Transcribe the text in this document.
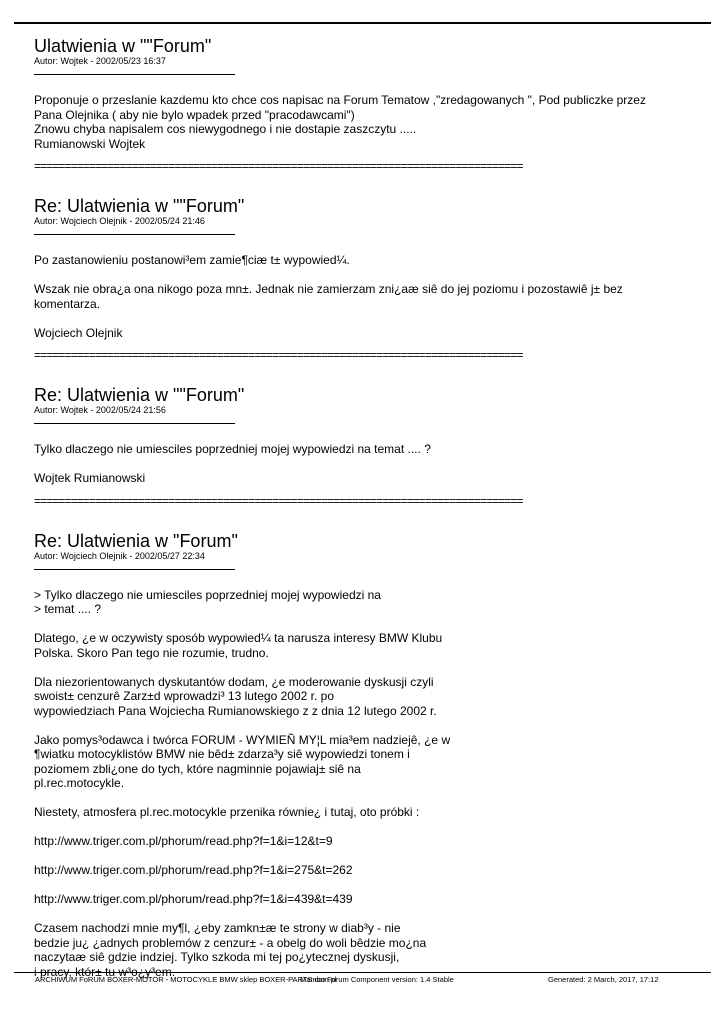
Ulatwienia w ""Forum"
Autor: Wojtek - 2002/05/23 16:37
Proponuje o przeslanie kazdemu kto chce cos napisac na Forum Tematow ,"zredagowanych ", Pod publiczke przez
Pana Olejnika ( aby nie bylo wpadek przed "pracodawcami")
Znowu chyba napisalem cos niewygodnego i nie dostapie zaszczytu .....
Rumianowski Wojtek
================================================================================
Re: Ulatwienia w ""Forum"
Autor: Wojciech Olejnik - 2002/05/24 21:46
Po zastanowieniu postanowi³em zamie¶ciæ t± wypowied¼.
Wszak nie obra¿a ona nikogo poza mn±. Jednak nie zamierzam zni¿aæ siê do jej poziomu i pozostawiê j± bez
komentarza.
Wojciech Olejnik
================================================================================
Re: Ulatwienia w ""Forum"
Autor: Wojtek - 2002/05/24 21:56
Tylko dlaczego nie umiesciles poprzedniej mojej wypowiedzi na temat .... ?
Wojtek Rumianowski
================================================================================
Re: Ulatwienia w "Forum"
Autor: Wojciech Olejnik - 2002/05/27 22:34
> Tylko dlaczego nie umiesciles poprzedniej mojej wypowiedzi na
> temat .... ?
Dlatego, ¿e w oczywisty sposób wypowied¼ ta narusza interesy BMW Klubu
Polska. Skoro Pan tego nie rozumie, trudno.
Dla niezorientowanych dyskutantów dodam, ¿e moderowanie dyskusji czyli
swoist± cenzurê Zarz±d wprowadzi³ 13 lutego 2002 r. po
wypowiedziach Pana Wojciecha Rumianowskiego z z dnia 12 lutego 2002 r.
Jako pomys³odawca i twórca FORUM - WYMIEÑ MY¦L mia³em nadziejê, ¿e w
¶wiatku motocyklistów BMW nie bêd± zdarza³y siê wypowiedzi tonem i
poziomem zbli¿one do tych, które nagminnie pojawiaj± siê na
pl.rec.motocykle.
Niestety, atmosfera pl.rec.motocykle przenika równie¿ i tutaj, oto próbki :
http://www.triger.com.pl/phorum/read.php?f=1&i=12&t=9
http://www.triger.com.pl/phorum/read.php?f=1&i=275&t=262
http://www.triger.com.pl/phorum/read.php?f=1&i=439&t=439
Czasem nachodzi mnie my¶l, ¿eby zamkn±æ te strony w diab³y - nie
bedzie ju¿ ¿adnych problemów z cenzur± - a obelg do woli bêdzie mo¿na
naczytaæ siê gdzie indziej. Tylko szkoda mi tej po¿ytecznej dyskusji,
i pracy, któr± tu w³o¿y³em.
ARCHIWUM FoRUM BOXER-MOTOR - MOTOCYKLE BMW sklep BOXER-PARTS.com.pl
Mambo Forum Component version: 1.4 Stable	Generated: 2 March, 2017, 17:12
